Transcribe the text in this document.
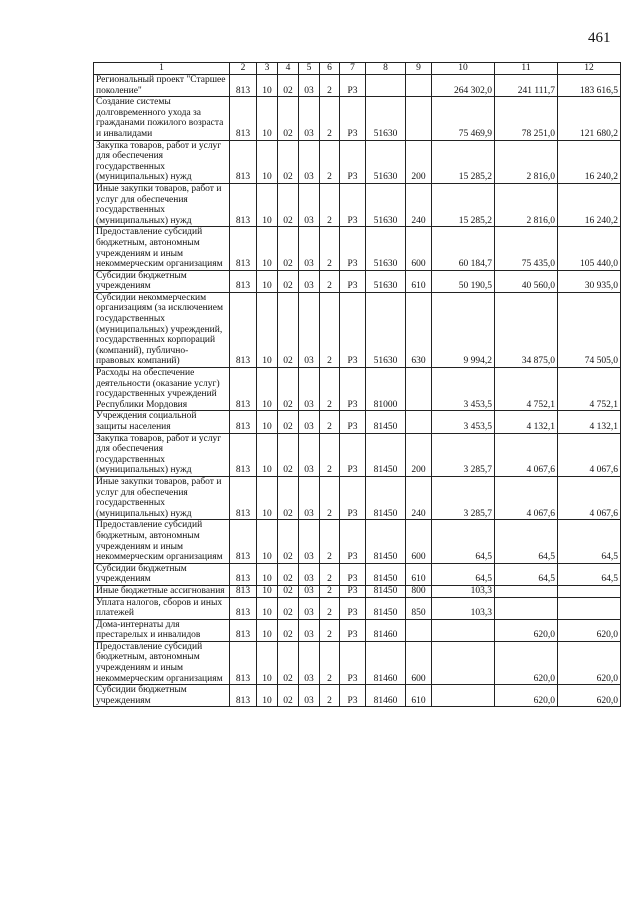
461
1	2	3	4	5	6	7	8	9	10	11	12
Региональный проект "Старшее поколение"	813	10	02	03	2	Р3			264 302,0	241 111,7	183 616,5
Создание системы долговременного ухода за гражданами пожилого возраста и инвалидами	813	10	02	03	2	Р3	51630		75 469,9	78 251,0	121 680,2
Закупка товаров, работ и услуг для обеспечения государственных (муниципальных) нужд	813	10	02	03	2	Р3	51630	200	15 285,2	2 816,0	16 240,2
Иные закупки товаров, работ и услуг для обеспечения государственных (муниципальных) нужд	813	10	02	03	2	Р3	51630	240	15 285,2	2 816,0	16 240,2
Предоставление субсидий бюджетным, автономным учреждениям и иным некоммерческим организациям	813	10	02	03	2	Р3	51630	600	60 184,7	75 435,0	105 440,0
Субсидии бюджетным учреждениям	813	10	02	03	2	Р3	51630	610	50 190,5	40 560,0	30 935,0
Субсидии некоммерческим организациям (за исключением государственных (муниципальных) учреждений, государственных корпораций (компаний), публично-правовых компаний)	813	10	02	03	2	Р3	51630	630	9 994,2	34 875,0	74 505,0
Расходы на обеспечение деятельности (оказание услуг) государственных учреждений Республики Мордовия	813	10	02	03	2	Р3	81000		3 453,5	4 752,1	4 752,1
Учреждения социальной защиты населения	813	10	02	03	2	Р3	81450		3 453,5	4 132,1	4 132,1
Закупка товаров, работ и услуг для обеспечения государственных (муниципальных) нужд	813	10	02	03	2	Р3	81450	200	3 285,7	4 067,6	4 067,6
Иные закупки товаров, работ и услуг для обеспечения государственных (муниципальных) нужд	813	10	02	03	2	Р3	81450	240	3 285,7	4 067,6	4 067,6
Предоставление субсидий бюджетным, автономным учреждениям и иным некоммерческим организациям	813	10	02	03	2	Р3	81450	600	64,5	64,5	64,5
Субсидии бюджетным учреждениям	813	10	02	03	2	Р3	81450	610	64,5	64,5	64,5
Иные бюджетные ассигнования	813	10	02	03	2	Р3	81450	800	103,3		
Уплата налогов, сборов и иных платежей	813	10	02	03	2	Р3	81450	850	103,3		
Дома-интернаты для престарелых и инвалидов	813	10	02	03	2	Р3	81460			620,0	620,0
Предоставление субсидий бюджетным, автономным учреждениям и иным некоммерческим организациям	813	10	02	03	2	Р3	81460	600		620,0	620,0
Субсидии бюджетным учреждениям	813	10	02	03	2	Р3	81460	610		620,0	620,0
